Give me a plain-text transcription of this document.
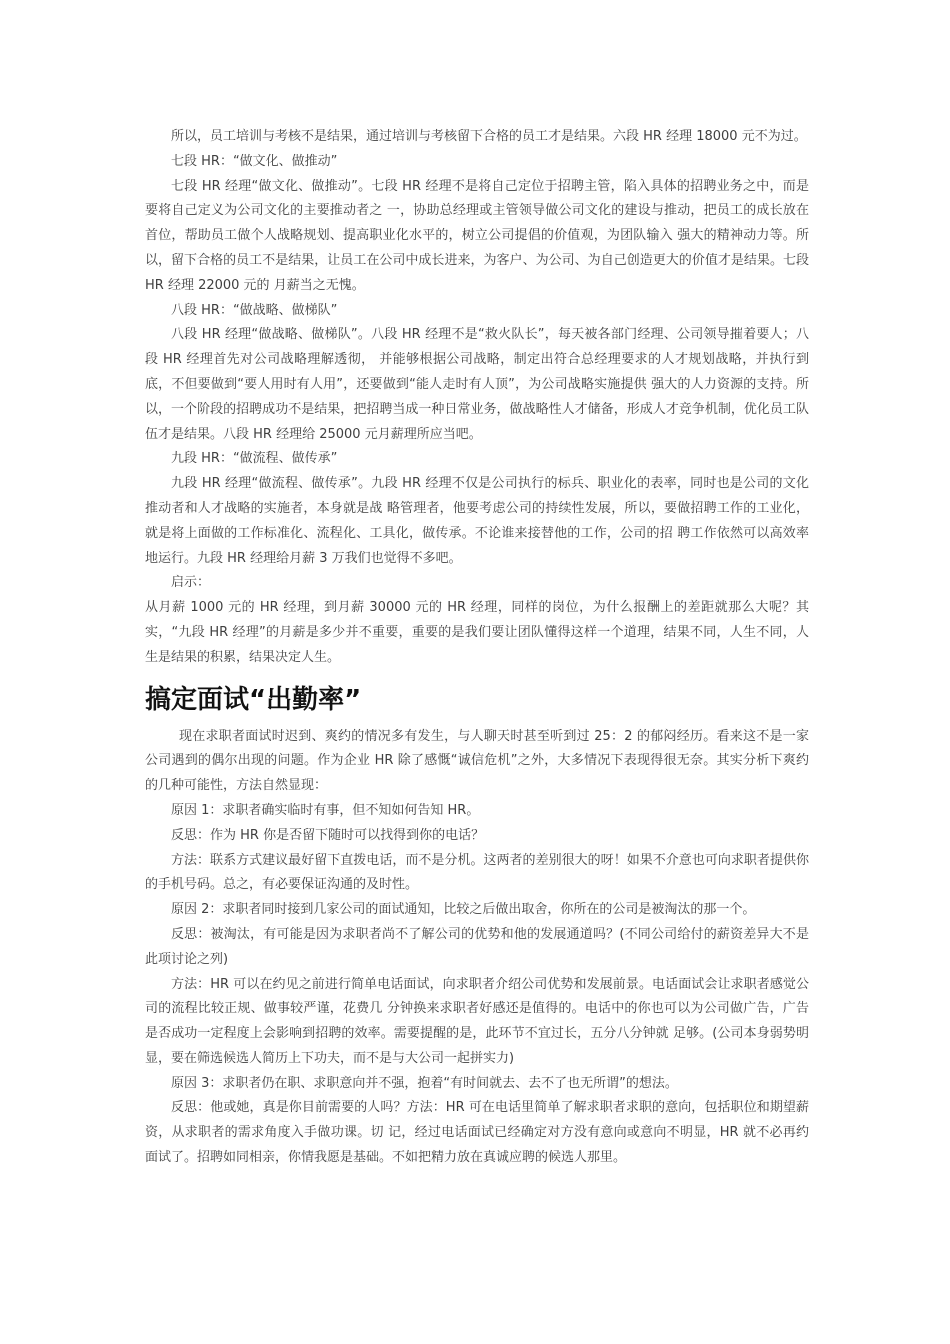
所以，员工培训与考核不是结果，通过培训与考核留下合格的员工才是结果。六段 HR 经理 18000 元不为过。

七段 HR：“做文化、做推动”

七段 HR 经理“做文化、做推动”。七段 HR 经理不是将自己定位于招聘主管，陷入具体的招聘业务之中，而是要将自己定义为公司文化的主要推动者之 一，协助总经理或主管领导做公司文化的建设与推动，把员工的成长放在首位，帮助员工做个人战略规划、提高职业化水平的，树立公司提倡的价值观，为团队输入 强大的精神动力等。所以，留下合格的员工不是结果，让员工在公司中成长进来，为客户、为公司、为自己创造更大的价值才是结果。七段 HR 经理 22000 元的 月薪当之无愧。

八段 HR：“做战略、做梯队”

八段 HR 经理“做战略、做梯队”。八段 HR 经理不是“救火队长”，每天被各部门经理、公司领导摧着要人；八段 HR 经理首先对公司战略理解透彻， 并能够根据公司战略，制定出符合总经理要求的人才规划战略，并执行到底，不但要做到“要人用时有人用”，还要做到“能人走时有人顶”，为公司战略实施提供 强大的人力资源的支持。所以，一个阶段的招聘成功不是结果，把招聘当成一种日常业务，做战略性人才储备，形成人才竞争机制，优化员工队伍才是结果。八段 HR 经理给 25000 元月薪理所应当吧。

九段 HR：“做流程、做传承”

九段 HR 经理“做流程、做传承”。九段 HR 经理不仅是公司执行的标兵、职业化的表率，同时也是公司的文化推动者和人才战略的实施者，本身就是战 略管理者，他要考虑公司的持续性发展，所以，要做招聘工作的工业化，就是将上面做的工作标准化、流程化、工具化，做传承。不论谁来接替他的工作，公司的招 聘工作依然可以高效率地运行。九段 HR 经理给月薪 3 万我们也觉得不多吧。

启示：

从月薪 1000 元的 HR 经理，到月薪 30000 元的 HR 经理，同样的岗位，为什么报酬上的差距就那么大呢？其实，“九段 HR 经理”的月薪是多少并不重要，重要的是我们要让团队懂得这样一个道理，结果不同，人生不同，人生是结果的积累，结果决定人生。

搞定面试“出勤率”

现在求职者面试时迟到、爽约的情况多有发生，与人聊天时甚至听到过 25：2 的郁闷经历。看来这不是一家公司遇到的偶尔出现的问题。作为企业 HR 除了感慨“诚信危机”之外，大多情况下表现得很无奈。其实分析下爽约的几种可能性，方法自然显现：

原因 1：求职者确实临时有事，但不知如何告知 HR。

反思：作为 HR 你是否留下随时可以找得到你的电话？

方法：联系方式建议最好留下直拨电话，而不是分机。这两者的差别很大的呀！如果不介意也可向求职者提供你的手机号码。总之，有必要保证沟通的及时性。

原因 2：求职者同时接到几家公司的面试通知，比较之后做出取舍，你所在的公司是被淘汰的那一个。

反思：被淘汰，有可能是因为求职者尚不了解公司的优势和他的发展通道吗？(不同公司给付的薪资差异大不是此项讨论之列)

方法：HR 可以在约见之前进行简单电话面试，向求职者介绍公司优势和发展前景。电话面试会让求职者感觉公司的流程比较正规、做事较严谨，花费几 分钟换来求职者好感还是值得的。电话中的你也可以为公司做广告，广告是否成功一定程度上会影响到招聘的效率。需要提醒的是，此环节不宜过长，五分八分钟就 足够。(公司本身弱势明显，要在筛选候选人简历上下功夫，而不是与大公司一起拼实力)

原因 3：求职者仍在职、求职意向并不强，抱着“有时间就去、去不了也无所谓”的想法。

反思：他或她，真是你目前需要的人吗？方法：HR 可在电话里简单了解求职者求职的意向，包括职位和期望薪资，从求职者的需求角度入手做功课。切 记，经过电话面试已经确定对方没有意向或意向不明显，HR 就不必再约面试了。招聘如同相亲，你情我愿是基础。不如把精力放在真诚应聘的候选人那里。
